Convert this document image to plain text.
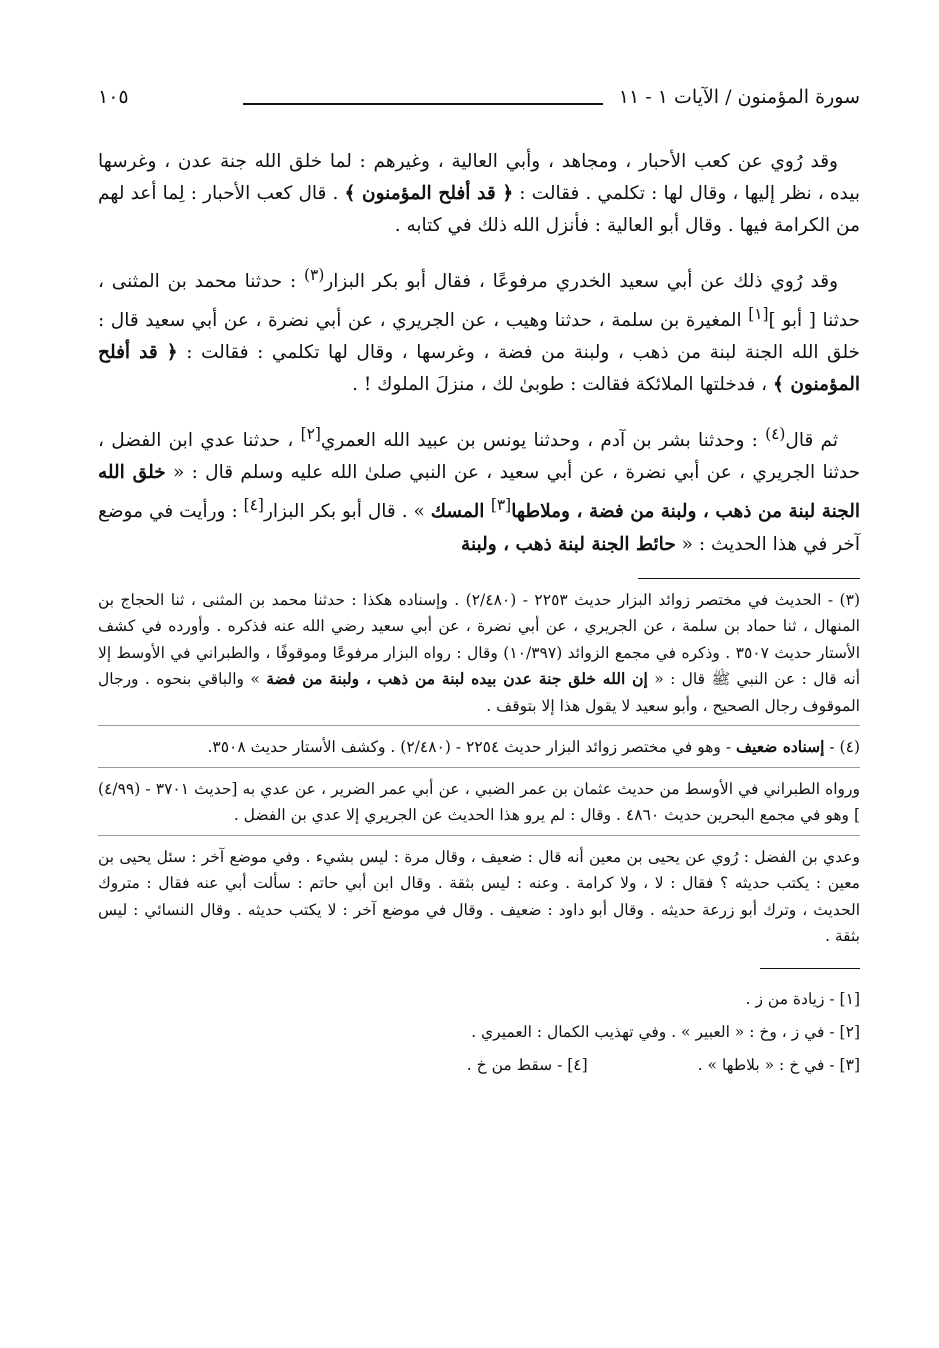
سورة المؤمنون / الآيات ١ - ١١
١٠٥

وقد رُوي عن كعب الأحبار ، ومجاهد ، وأبي العالية ، وغيرهم : لما خلق الله جنة عدن ، وغرسها بيده ، نظر إليها ، وقال لها : تكلمي . فقالت : ﴿ قد أفلح المؤمنون ﴾ . قال كعب الأحبار : لِما أعد لهم من الكرامة فيها . وقال أبو العالية : فأنزل الله ذلك في كتابه .

وقد رُوي ذلك عن أبي سعيد الخدري مرفوعًا ، فقال أبو بكر البزار$^{(٣)}$ : حدثنا محمد بن المثنى ، حدثنا [ أبو ][١] المغيرة بن سلمة ، حدثنا وهيب ، عن الجريري ، عن أبي نضرة ، عن أبي سعيد قال : خلق الله الجنة لبنة من ذهب ، ولبنة من فضة ، وغرسها ، وقال لها تكلمي : فقالت : ﴿ قد أفلح المؤمنون ﴾ ، فدخلتها الملائكة فقالت : طوبىٰ لك ، منزلَ الملوك ! .

ثم قال$^{(٤)}$ : وحدثنا بشر بن آدم ، وحدثنا يونس بن عبيد الله العمري[٢] ، حدثنا عدي ابن الفضل ، حدثنا الجريري ، عن أبي نضرة ، عن أبي سعيد ، عن النبي صلىٰ الله عليه وسلم قال : « خلق الله الجنة لبنة من ذهب ، ولبنة من فضة ، وملاطها[٣] المسك » . قال أبو بكر البزار[٤] : ورأيت في موضع آخر في هذا الحديث : « حائط الجنة لبنة ذهب ، ولبنة

(٣) - الحديث في مختصر زوائد البزار حديث ٢٢٥٣ - (٢/٤٨٠) . وإسناده هكذا : حدثنا محمد بن المثنى ، ثنا الحجاج بن المنهال ، ثنا حماد بن سلمة ، عن الجريري ، عن أبي نضرة ، عن أبي سعيد رضي الله عنه فذكره . وأورده في كشف الأستار حديث ٣٥٠٧ . وذكره في مجمع الزوائد (١٠/٣٩٧) وقال : رواه البزار مرفوعًا وموقوفًا ، والطبراني في الأوسط إلا أنه قال : عن النبي ﷺ قال : « إن الله خلق جنة عدن بيده لبنة من ذهب ، ولبنة من فضة » والباقي بنحوه . ورجال الموقوف رجال الصحيح ، وأبو سعيد لا يقول هذا إلا بتوقف .
(٤) - إسناده ضعيف - وهو في مختصر زوائد البزار حديث ٢٢٥٤ - (٢/٤٨٠) . وكشف الأستار حديث ٣٥٠٨.
ورواه الطبراني في الأوسط من حديث عثمان بن عمر الضبي ، عن أبي عمر الضرير ، عن عدي به [حديث ٣٧٠١ - (٤/٩٩) ] وهو في مجمع البحرين حديث ٤٨٦٠ . وقال : لم يرو هذا الحديث عن الجريري إلا عدي بن الفضل .
وعدي بن الفضل : رُوي عن يحيى بن معين أنه قال : ضعيف ، وقال مرة : ليس بشيء . وفي موضع آخر : سئل يحيى بن معين : يكتب حديثه ؟ فقال : لا ، ولا كرامة . وعنه : ليس بثقة . وقال ابن أبي حاتم : سألت أبي عنه فقال : متروك الحديث ، وترك أبو زرعة حديثه . وقال أبو داود : ضعيف . وقال في موضع آخر : لا يكتب حديثه . وقال النسائي : ليس بثقة .
[١] - زيادة من ز .
[٢] - في ز ، وخ : « العبير » . وفي تهذيب الكمال : العميري .
[٣] - في خ : « بلاطها » .
[٤] - سقط من خ .
